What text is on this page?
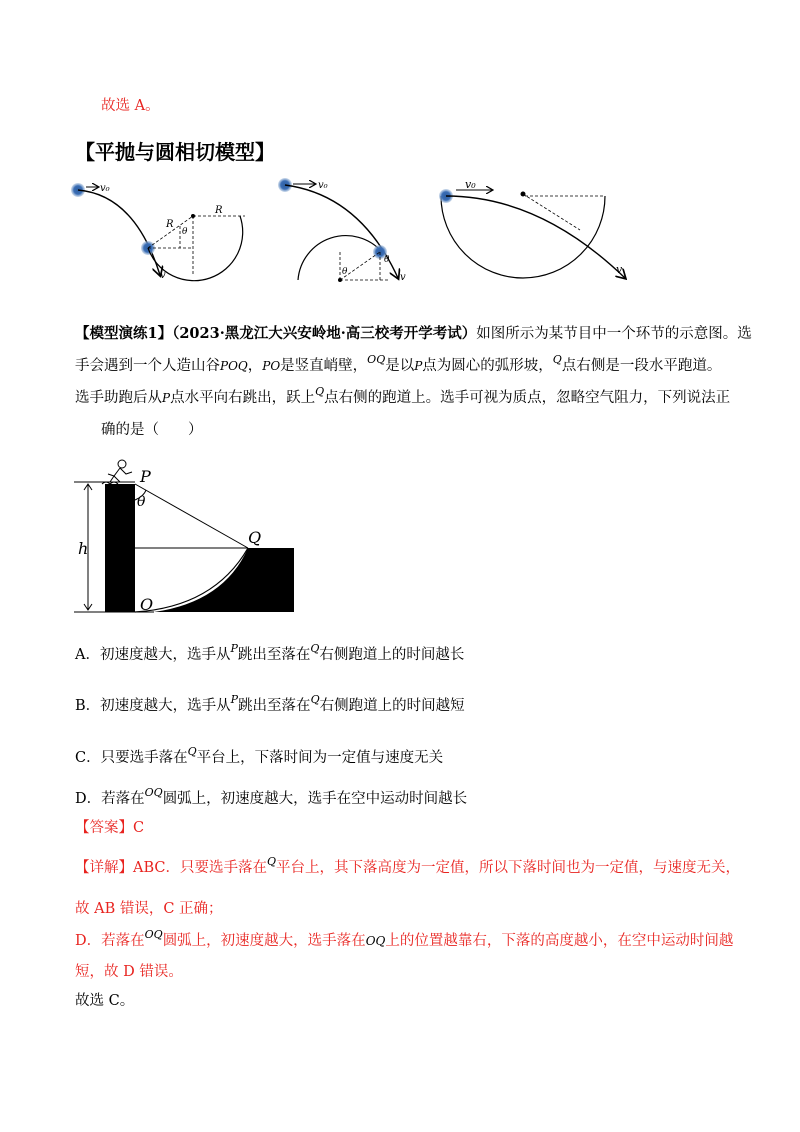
故选 A。
【平抛与圆相切模型】
v₀
R
R
θ
v
v₀
θ
θ
v
v₀
v
【模型演练1】（2023·黑龙江大兴安岭地·高三校考开学考试）如图所示为某节目中一个环节的示意图。选
手会遇到一个人造山谷POQ，PO是竖直峭壁，$^{OQ}$是以P点为圆心的弧形坡，$^Q$点右侧是一段水平跑道。
选手助跑后从P点水平向右跳出，跃上$^Q$点右侧的跑道上。选手可视为质点，忽略空气阻力，下列说法正
确的是（　　）
h
P
θ
Q
O
A．初速度越大，选手从$^P$跳出至落在$^Q$右侧跑道上的时间越长
B．初速度越大，选手从$^P$跳出至落在$^Q$右侧跑道上的时间越短
C．只要选手落在$^Q$平台上，下落时间为一定值与速度无关
D．若落在$^{OQ}$圆弧上，初速度越大，选手在空中运动时间越长
【答案】C
【详解】ABC．只要选手落在$^Q$平台上，其下落高度为一定值，所以下落时间也为一定值，与速度无关，
故 AB 错误，C 正确；
D．若落在$^{OQ}$圆弧上，初速度越大，选手落在OQ上的位置越靠右，下落的高度越小，在空中运动时间越
短，故 D 错误。
故选 C。
